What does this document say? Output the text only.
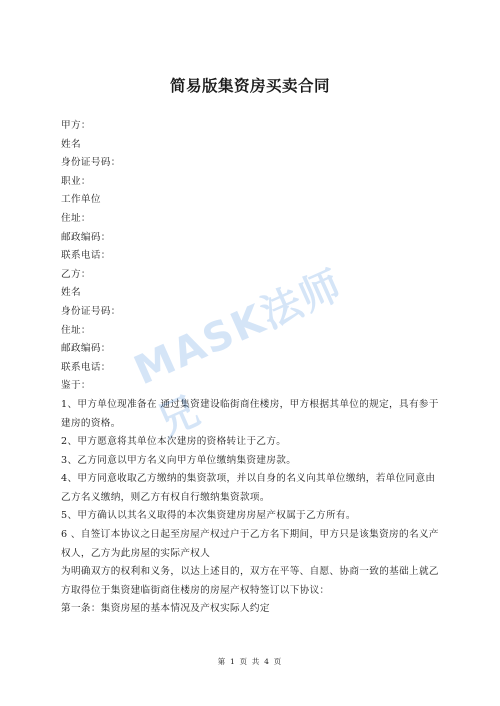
简易版集资房买卖合同
甲方：
姓名
身份证号码：
职业：
工作单位
住址：
邮政编码：
联系电话：
乙方：
姓名
身份证号码：
住址：
邮政编码：
联系电话：
鉴于：
1、甲方单位现准备在 通过集资建设临街商住楼房，甲方根据其单位的规定，具有参于建房的资格。
2、甲方愿意将其单位本次建房的资格转让于乙方。
3、乙方同意以甲方名义向甲方单位缴纳集资建房款。
4、甲方同意收取乙方缴纳的集资款项，并以自身的名义向其单位缴纳，若单位同意由乙方名义缴纳，则乙方有权自行缴纳集资款项。
5、甲方确认以其名义取得的本次集资建房房屋产权属于乙方所有。
6 、自签订本协议之日起至房屋产权过户于乙方名下期间，甲方只是该集资房的名义产权人，乙方为此房屋的实际产权人
为明确双方的权利和义务，以达上述目的，双方在平等、自愿、协商一致的基础上就乙方取得位于集资建临街商住楼房的房屋产权特签订以下协议：
第一条：集资房屋的基本情况及产权实际人约定
MASK法师兄
第 1 页 共 4 页
